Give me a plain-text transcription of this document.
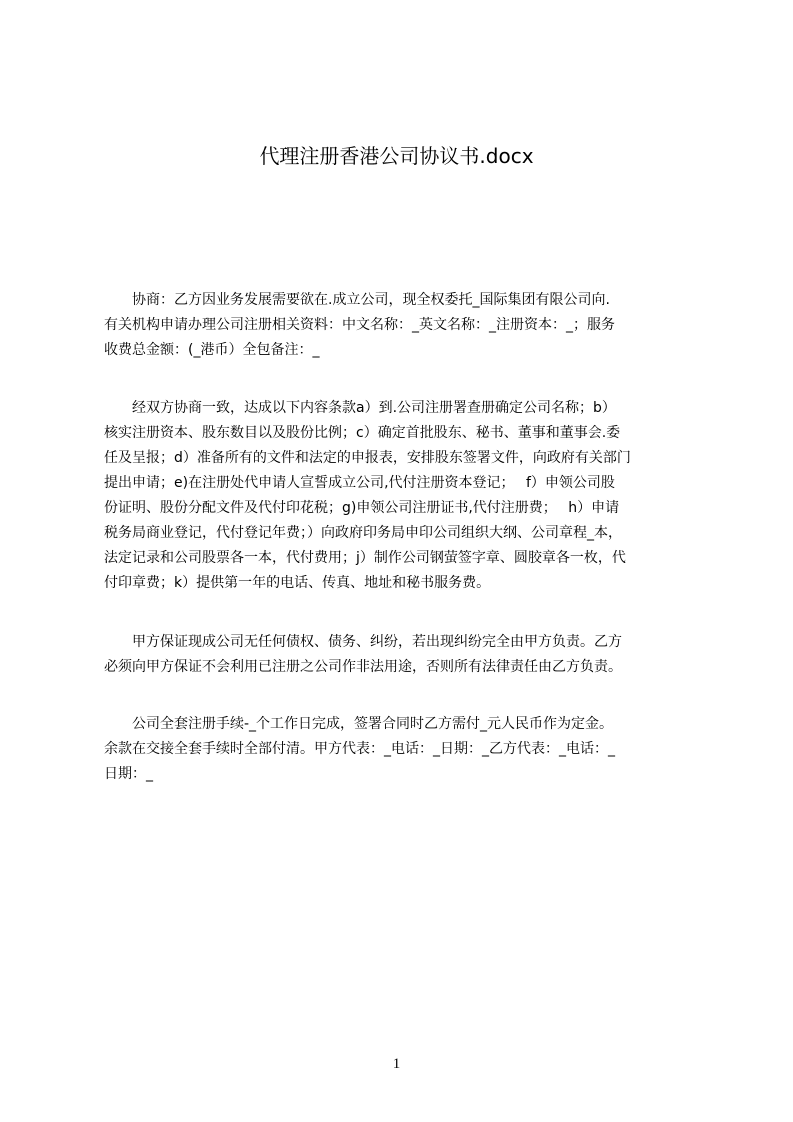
代理注册香港公司协议书.docx
　　协商：乙方因业务发展需要欲在.成立公司，现全权委托_国际集团有限公司向.
有关机构申请办理公司注册相关资料：中文名称：_英文名称：_注册资本：_；服务
收费总金额：(_港币）全包备注：_
　　经双方协商一致，达成以下内容条款a）到.公司注册署查册确定公司名称；b）
核实注册资本、股东数目以及股份比例；c）确定首批股东、秘书、董事和董事会.委
任及呈报；d）准备所有的文件和法定的申报表，安排股东签署文件，向政府有关部门
提出申请；e)在注册处代申请人宣誓成立公司,代付注册资本登记；　 f）申领公司股
份证明、股份分配文件及代付印花税；g)申领公司注册证书,代付注册费；　 h）申请
税务局商业登记，代付登记年费；）向政府印务局申印公司组织大纲、公司章程_本，
法定记录和公司股票各一本，代付费用；j）制作公司钢萤签字章、圆胶章各一枚，代
付印章费；k）提供第一年的电话、传真、地址和秘书服务费。
　　甲方保证现成公司无任何债权、债务、纠纷，若出现纠纷完全由甲方负责。乙方
必须向甲方保证不会利用已注册之公司作非法用途，否则所有法律责任由乙方负责。
　　公司全套注册手续-_个工作日完成，签署合同时乙方需付_元人民币作为定金。
余款在交接全套手续时全部付清。甲方代表：_电话：_日期：_乙方代表：_电话：_
日期：_
1
